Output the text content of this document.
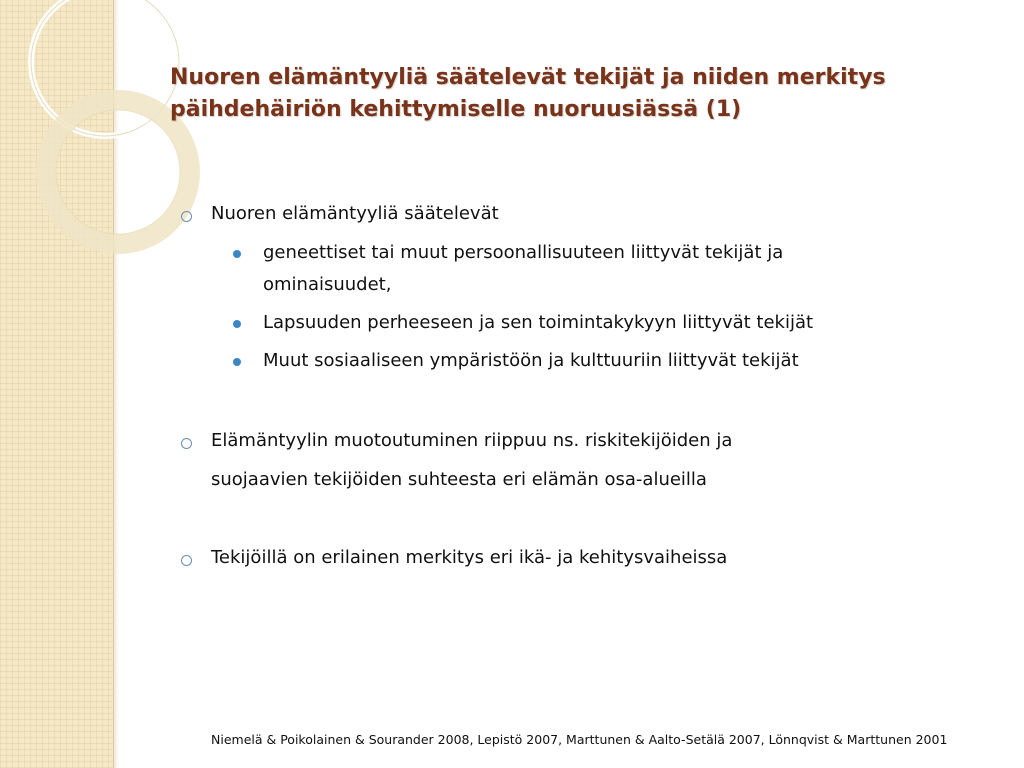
Nuoren elämäntyyliä säätelevät tekijät ja niiden merkitys päihdehäiriön kehittymiselle nuoruusiässä (1)
Nuoren elämäntyyliä säätelevät
geneettiset tai muut persoonallisuuteen liittyvät tekijät ja
ominaisuudet,
Lapsuuden perheeseen ja sen toimintakykyyn liittyvät tekijät
Muut sosiaaliseen ympäristöön ja kulttuuriin liittyvät tekijät
Elämäntyylin muotoutuminen riippuu ns. riskitekijöiden ja
suojaavien tekijöiden suhteesta eri elämän osa-alueilla
Tekijöillä on erilainen merkitys eri ikä- ja kehitysvaiheissa
Niemelä & Poikolainen & Sourander 2008, Lepistö 2007, Marttunen & Aalto-Setälä 2007, Lönnqvist & Marttunen 2001
